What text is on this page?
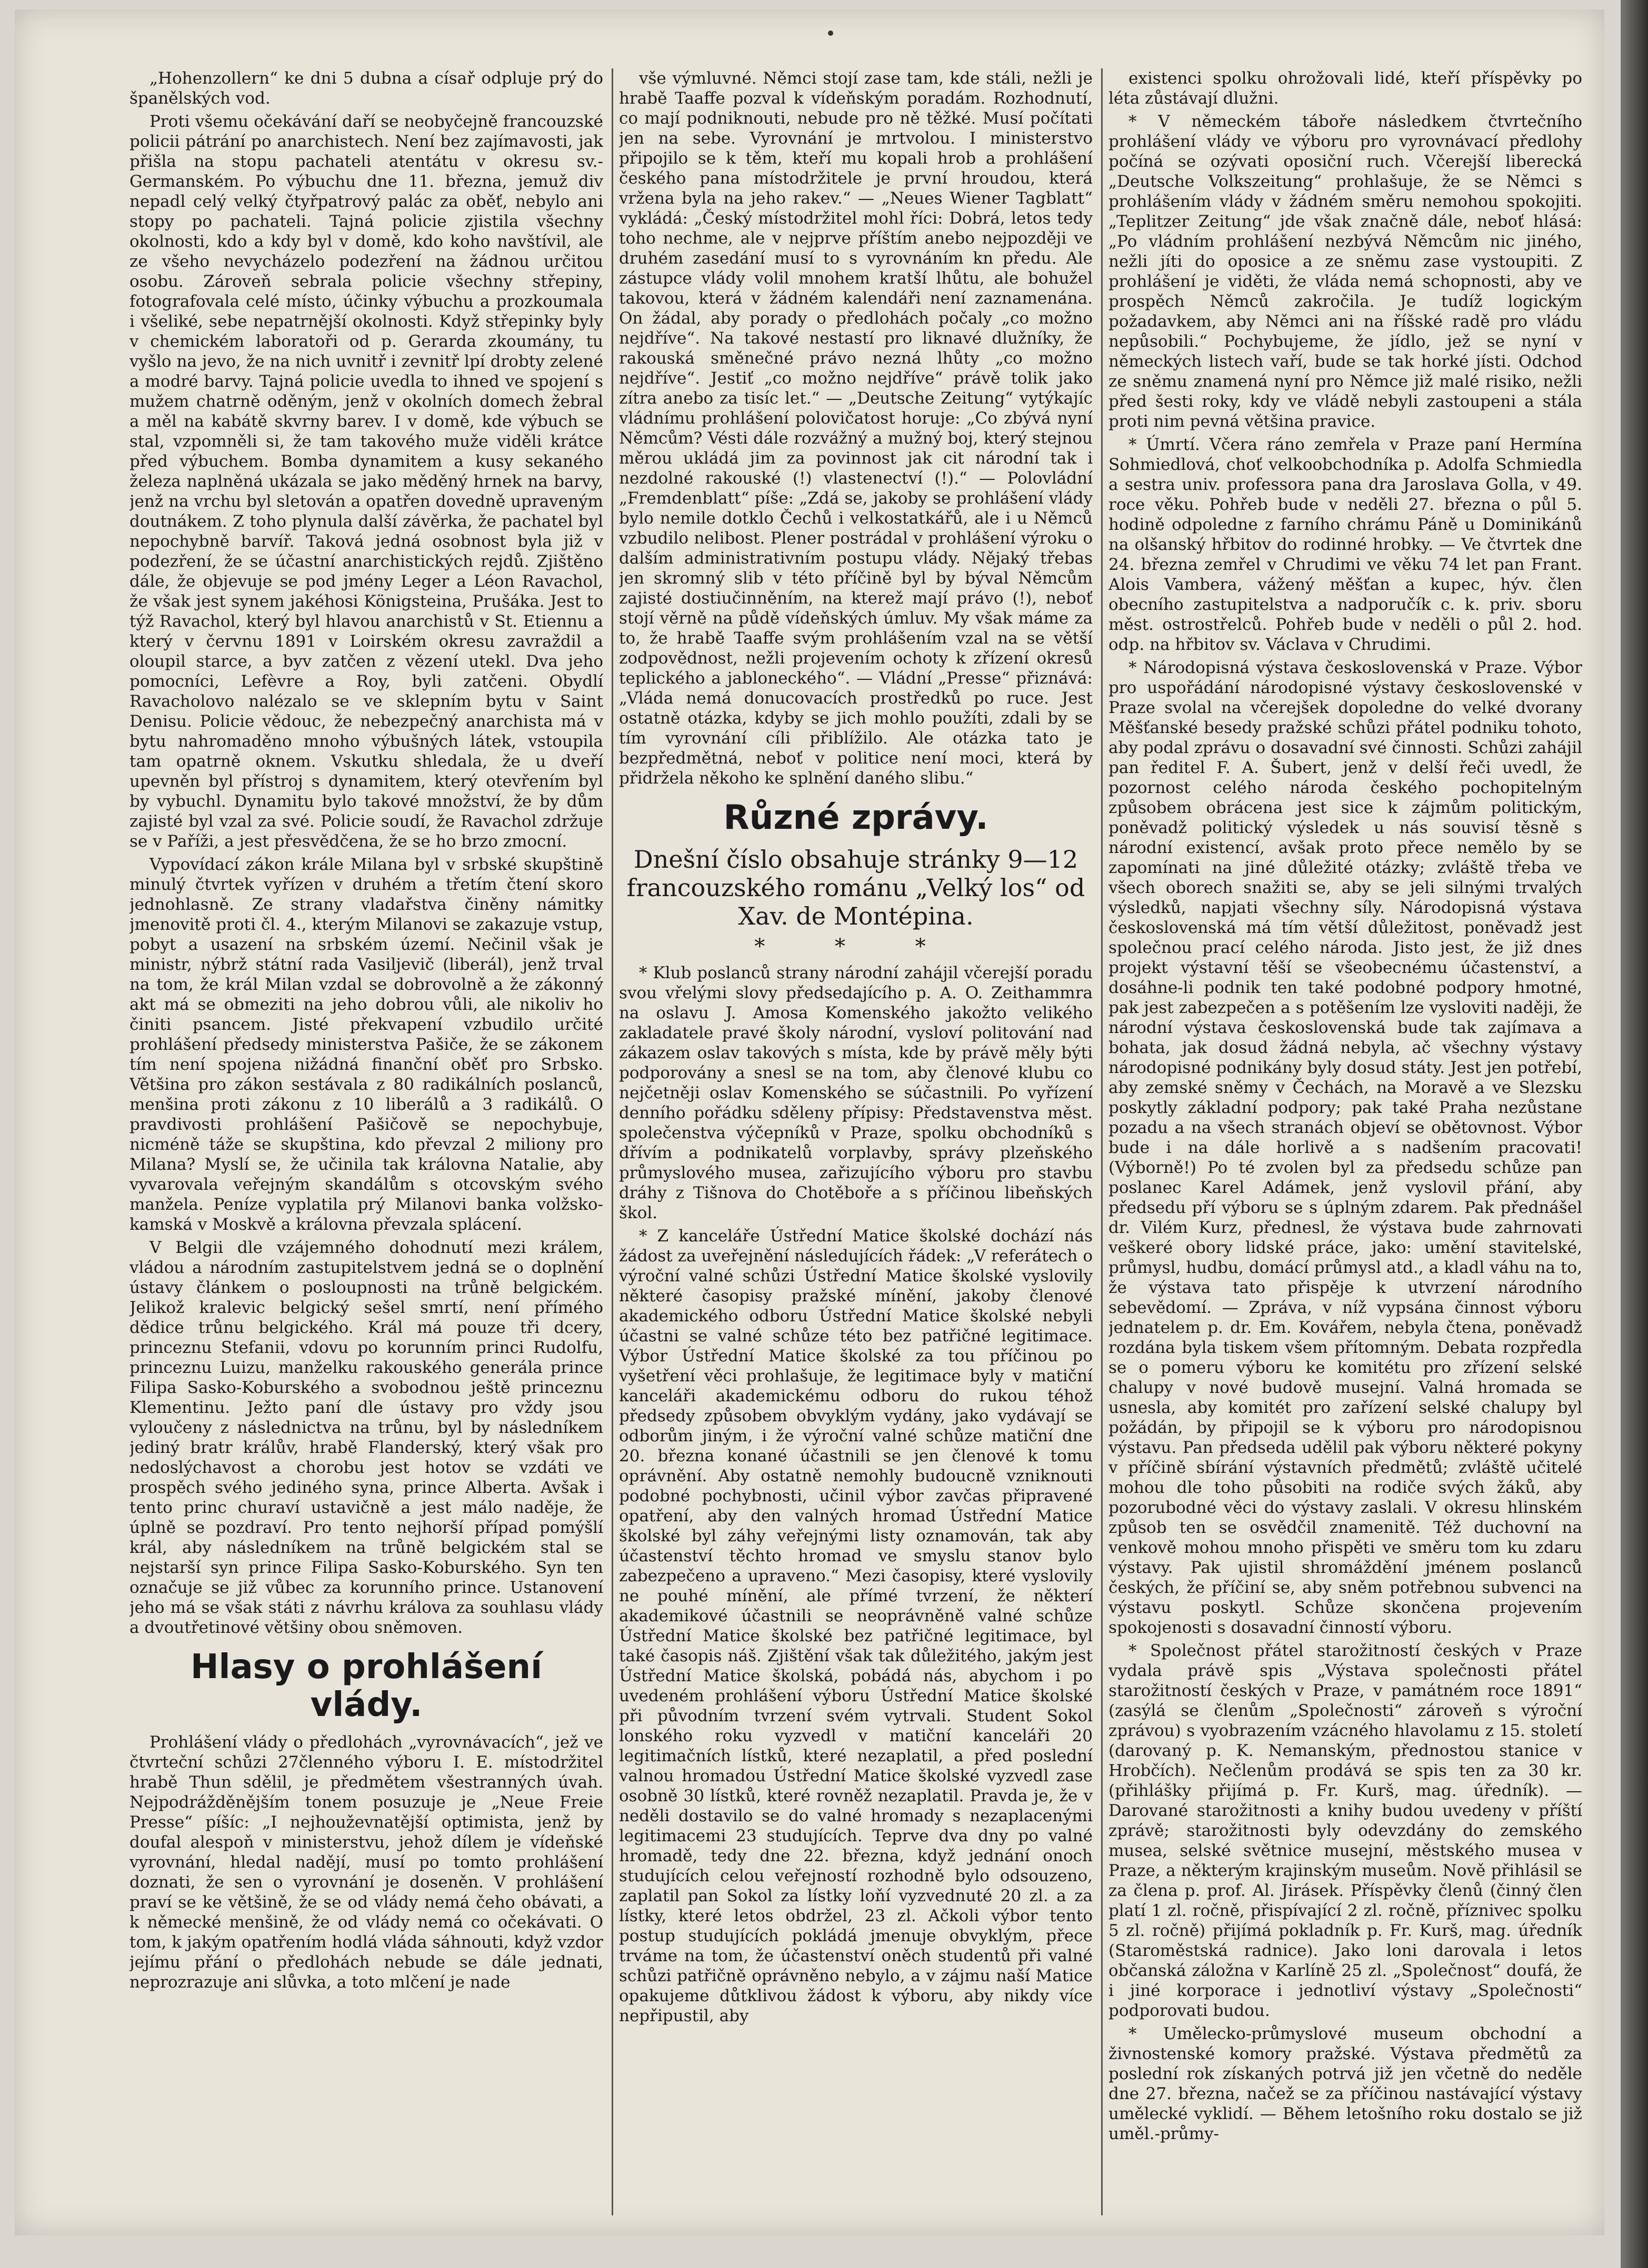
„Hohenzollern“ ke dni 5 dubna a císař odpluje prý do španělských vod.

Proti všemu očekávání daří se neobyčejně francouzské policii pátrání po anarchistech. Není bez zajímavosti, jak přišla na stopu pachateli atentátu v okresu sv.-Germanském. Po výbuchu dne 11. března, jemuž div nepadl celý velký čtyřpatrový palác za oběť, nebylo ani stopy po pachateli. Tajná policie zjistila všechny okolnosti, kdo a kdy byl v domě, kdo koho navštívil, ale ze všeho nevycházelo podezření na žádnou určitou osobu. Zároveň sebrala policie všechny střepiny, fotografovala celé místo, účinky výbuchu a prozkoumala i všeliké, sebe nepatrnější okolnosti. Když střepinky byly v chemickém laboratoři od p. Gerarda zkoumány, tu vyšlo na jevo, že na nich uvnitř i zevnitř lpí drobty zelené a modré barvy. Tajná policie uvedla to ihned ve spojení s mužem chatrně oděným, jenž v okolních domech žebral a měl na kabátě skvrny barev. I v domě, kde výbuch se stal, vzpomněli si, že tam takového muže viděli krátce před výbuchem. Bomba dynamitem a kusy sekaného železa naplněná ukázala se jako měděný hrnek na barvy, jenž na vrchu byl sletován a opatřen dovedně upraveným doutnákem. Z toho plynula další závěrka, že pachatel byl nepochybně barvíř. Taková jedná osobnost byla již v podezření, že se účastní anarchistických rejdů. Zjištěno dále, že objevuje se pod jmény Leger a Léon Ravachol, že však jest synem jakéhosi Königsteina, Prušáka. Jest to týž Ravachol, který byl hlavou anarchistů v St. Etiennu a který v červnu 1891 v Loirském okresu zavraždil a oloupil starce, a byv zatčen z vězení utekl. Dva jeho pomocníci, Lefèvre a Roy, byli zatčeni. Obydlí Ravacholovo nalézalo se ve sklepním bytu v Saint Denisu. Policie vědouc, že nebezpečný anarchista má v bytu nahromaděno mnoho výbušných látek, vstoupila tam opatrně oknem. Vskutku shledala, že u dveří upevněn byl přístroj s dynamitem, který otevřením byl by vybuchl. Dynamitu bylo takové množství, že by dům zajisté byl vzal za své. Policie soudí, že Ravachol zdržuje se v Paříži, a jest přesvědčena, že se ho brzo zmocní.

Vypovídací zákon krále Milana byl v srbské skupštině minulý čtvrtek vyřízen v druhém a třetím čtení skoro jednohlasně. Ze strany vladařstva činěny námitky jmenovitě proti čl. 4., kterým Milanovi se zakazuje vstup, pobyt a usazení na srbském území. Nečinil však je ministr, nýbrž státní rada Vasiljevič (liberál), jenž trval na tom, že král Milan vzdal se dobrovolně a že zákonný akt má se obmeziti na jeho dobrou vůli, ale nikoliv ho činiti psancem. Jisté překvapení vzbudilo určité prohlášení předsedy ministerstva Pašiče, že se zákonem tím není spojena nižádná finanční oběť pro Srbsko. Většina pro zákon sestávala z 80 radikálních poslanců, menšina proti zákonu z 10 liberálů a 3 radikálů. O pravdivosti prohlášení Pašičově se nepochybuje, nicméně táže se skupština, kdo převzal 2 miliony pro Milana? Myslí se, že učinila tak královna Natalie, aby vyvarovala veřejným skandálům s otcovským svého manžela. Peníze vyplatila prý Milanovi banka volžsko-kamská v Moskvě a královna převzala splácení.

V Belgii dle vzájemného dohodnutí mezi králem, vládou a národním zastupitelstvem jedná se o doplnění ústavy článkem o posloupnosti na trůně belgickém. Jelikož kralevic belgický sešel smrtí, není přímého dědice trůnu belgického. Král má pouze tři dcery, princeznu Stefanii, vdovu po korunním princi Rudolfu, princeznu Luizu, manželku rakouského generála prince Filipa Sasko-Koburského a svobodnou ještě princeznu Klementinu. Ježto paní dle ústavy pro vždy jsou vyloučeny z následnictva na trůnu, byl by následníkem jediný bratr králův, hrabě Flanderský, který však pro nedoslýchavost a chorobu jest hotov se vzdáti ve prospěch svého jediného syna, prince Alberta. Avšak i tento princ churaví ustavičně a jest málo naděje, že úplně se pozdraví. Pro tento nejhorší případ pomýšlí král, aby následníkem na trůně belgickém stal se nejstarší syn prince Filipa Sasko-Koburského. Syn ten označuje se již vůbec za korunního prince. Ustanovení jeho má se však státi z návrhu králova za souhlasu vlády a dvoutřetinové většiny obou sněmoven.

Hlasy o prohlášení vlády.

Prohlášení vlády o předlohách „vyrovnávacích“, jež ve čtvrteční schůzi 27členného výboru I. E. místodržitel hrabě Thun sdělil, je předmětem všestranných úvah. Nejpodrážděnějším tonem posuzuje je „Neue Freie Presse“ píšíc: „I nejhouževnatější optimista, jenž by doufal alespoň v ministerstvu, jehož dílem je vídeňské vyrovnání, hledal nadějí, musí po tomto prohlášení doznati, že sen o vyrovnání je doseněn. V prohlášení praví se ke většině, že se od vlády nemá čeho obávati, a k německé menšině, že od vlády nemá co očekávati. O tom, k jakým opatřením hodlá vláda sáhnouti, když vzdor jejímu přání o předlohách nebude se dále jednati, neprozrazuje ani slůvka, a toto mlčení je nade

vše výmluvné. Němci stojí zase tam, kde stáli, nežli je hrabě Taaffe pozval k vídeňským poradám. Rozhodnutí, co mají podniknouti, nebude pro ně těžké. Musí počítati jen na sebe. Vyrovnání je mrtvolou. I ministerstvo připojilo se k těm, kteří mu kopali hrob a prohlášení českého pana místodržitele je první hroudou, která vržena byla na jeho rakev.“ — „Neues Wiener Tagblatt“ vykládá: „Český místodržitel mohl říci: Dobrá, letos tedy toho nechme, ale v nejprve příštím anebo nejpozději ve druhém zasedání musí to s vyrovnáním kn předu. Ale zástupce vlády volil mnohem kratší lhůtu, ale bohužel takovou, která v žádném kalendáři není zaznamenána. On žádal, aby porady o předlohách počaly „co možno nejdříve“. Na takové nestastí pro liknavé dlužníky, že rakouská směnečné právo nezná lhůty „co možno nejdříve“. Jestiť „co možno nejdříve“ právě tolik jako zítra anebo za tisíc let.“ — „Deutsche Zeitung“ vytýkajíc vládnímu prohlášení polovičatost horuje: „Co zbývá nyní Němcům? Vésti dále rozvážný a mužný boj, který stejnou měrou ukládá jim za povinnost jak cit národní tak i nezdolné rakouské (!) vlastenectví (!).“ — Polovládní „Fremdenblatt“ píše: „Zdá se, jakoby se prohlášení vlády bylo nemile dotklo Čechů i velkostatkářů, ale i u Němců vzbudilo nelibost. Plener postrádal v prohlášení výroku o dalším administrativním postupu vlády. Nějaký třebas jen skromný slib v této příčině byl by býval Němcům zajisté dostiučinněním, na kterež mají právo (!), neboť stojí věrně na půdě vídeňských úmluv. My však máme za to, že hrabě Taaffe svým prohlášením vzal na se větší zodpovědnost, nežli projevením ochoty k zřízení okresů teplického a jabloneckého“. — Vládní „Presse“ přiznává: „Vláda nemá donucovacích prostředků po ruce. Jest ostatně otázka, kdyby se jich mohlo použíti, zdali by se tím vyrovnání cíli přiblížilo. Ale otázka tato je bezpředmětná, neboť v politice není moci, která by přidržela někoho ke splnění daného slibu.“

Různé zprávy.

Dnešní číslo obsahuje stránky 9—12 francouzského románu „Velký los“ od Xav. de Montépina.

* * *

* Klub poslanců strany národní zahájil včerejší poradu svou vřelými slovy předsedajícího p. A. O. Zeithammra na oslavu J. Amosa Komenského jakožto velikého zakladatele pravé školy národní, vysloví politování nad zákazem oslav takových s místa, kde by právě měly býti podporovány a snesl se na tom, aby členové klubu co nejčetněji oslav Komenského se súčastnili. Po vyřízení denního pořádku sděleny přípisy: Představenstva měst. společenstva výčepníků v Praze, spolku obchodníků s dřívím a podnikatelů vorplavby, správy plzeňského průmyslového musea, zařizujícího výboru pro stavbu dráhy z Tišnova do Chotěboře a s příčinou libeňských škol.

* Z kanceláře Ústřední Matice školské dochází nás žádost za uveřejnění následujících řádek: „V referátech o výroční valné schůzi Ústřední Matice školské vyslovily některé časopisy pražské mínění, jakoby členové akademického odboru Ústřední Matice školské nebyli účastni se valné schůze této bez patřičné legitimace. Výbor Ústřední Matice školské za tou příčinou po vyšetření věci prohlašuje, že legitimace byly v matiční kanceláři akademickému odboru do rukou téhož předsedy způsobem obvyklým vydány, jako vydávají se odborům jiným, i že výroční valné schůze matiční dne 20. března konané účastnili se jen členové k tomu oprávnění. Aby ostatně nemohly budoucně vzniknouti podobné pochybnosti, učinil výbor zavčas připravené opatření, aby den valných hromad Ústřední Matice školské byl záhy veřejnými listy oznamován, tak aby účastenství těchto hromad ve smyslu stanov bylo zabezpečeno a upraveno.“ Mezi časopisy, které vyslovily ne pouhé mínění, ale přímé tvrzení, že některí akademikové účastnili se neoprávněně valné schůze Ústřední Matice školské bez patřičné legitimace, byl také časopis náš. Zjištění však tak důležitého, jakým jest Ústřední Matice školská, pobádá nás, abychom i po uvedeném prohlášení výboru Ústřední Matice školské při původním tvrzení svém vytrvali. Student Sokol lonského roku vyzvedl v matiční kanceláři 20 legitimačních lístků, které nezaplatil, a před poslední valnou hromadou Ústřední Matice školské vyzvedl zase osobně 30 lístků, které rovněž nezaplatil. Pravda je, že v neděli dostavilo se do valné hromady s nezaplacenými legitimacemi 23 studujících. Teprve dva dny po valné hromadě, tedy dne 22. března, když jednání onoch studujících celou veřejností rozhodně bylo odsouzeno, zaplatil pan Sokol za lístky loňí vyzvednuté 20 zl. a za lístky, které letos obdržel, 23 zl. Ačkoli výbor tento postup studujících pokládá jmenuje obvyklým, přece trváme na tom, že účastenství oněch studentů při valné schůzi patřičně oprávněno nebylo, a v zájmu naší Matice opakujeme důtklivou žádost k výboru, aby nikdy více nepřipustil, aby

existenci spolku ohrožovali lidé, kteří příspěvky po léta zůstávají dlužni.

* V německém táboře následkem čtvrtečního prohlášení vlády ve výboru pro vyrovnávací předlohy počíná se ozývati oposiční ruch. Včerejší liberecká „Deutsche Volkszeitung“ prohlašuje, že se Němci s prohlášením vlády v žádném směru nemohou spokojiti. „Teplitzer Zeitung“ jde však značně dále, neboť hlásá: „Po vládním prohlášení nezbývá Němcům nic jiného, nežli jíti do oposice a ze sněmu zase vystoupiti. Z prohlášení je viděti, že vláda nemá schopnosti, aby ve prospěch Němců zakročila. Je tudíž logickým požadavkem, aby Němci ani na říšské radě pro vládu nepůsobili.“ Pochybujeme, že jídlo, jež se nyní v německých listech vaří, bude se tak horké jísti. Odchod ze sněmu znamená nyní pro Němce již malé risiko, nežli před šesti roky, kdy ve vládě nebyli zastoupeni a stála proti nim pevná většina pravice.

* Úmrtí. Včera ráno zemřela v Praze paní Hermína Sohmiedlová, choť velkoobchodníka p. Adolfa Schmiedla a sestra univ. professora pana dra Jaroslava Golla, v 49. roce věku. Pohřeb bude v neděli 27. března o půl 5. hodině odpoledne z farního chrámu Páně u Dominikánů na olšanský hřbitov do rodinné hrobky. — Ve čtvrtek dne 24. března zemřel v Chrudimi ve věku 74 let pan Frant. Alois Vambera, vážený měšťan a kupec, hýv. člen obecního zastupitelstva a nadporučík c. k. priv. sboru měst. ostrostřelců. Pohřeb bude v neděli o půl 2. hod. odp. na hřbitov sv. Václava v Chrudimi.

* Národopisná výstava československá v Praze. Výbor pro uspořádání národopisné výstavy československé v Praze svolal na včerejšek dopoledne do velké dvorany Měšťanské besedy pražské schůzi přátel podniku tohoto, aby podal zprávu o dosavadní své činnosti. Schůzi zahájil pan ředitel F. A. Šubert, jenž v delší řeči uvedl, že pozornost celého národa českého pochopitelným způsobem obrácena jest sice k zájmům politickým, poněvadž politický výsledek u nás souvisí těsně s národní existencí, avšak proto přece nemělo by se zapomínati na jiné důležité otázky; zvláště třeba ve všech oborech snažiti se, aby se jeli silnými trvalých výsledků, napjati všechny síly. Národopisná výstava československá má tím větší důležitost, poněvadž jest společnou prací celého národa. Jisto jest, že již dnes projekt výstavní těší se všeobecnému účastenství, a dosáhne-li podnik ten také podobné podpory hmotné, pak jest zabezpečen a s potěšením lze vysloviti naději, že národní výstava československá bude tak zajímava a bohata, jak dosud žádná nebyla, ač všechny výstavy národopisné podnikány byly dosud státy. Jest jen potřebí, aby zemské sněmy v Čechách, na Moravě a ve Slezsku poskytly základní podpory; pak také Praha nezůstane pozadu a na všech stranách objeví se obětovnost. Výbor bude i na dále horlivě a s nadšením pracovati! (Výborně!) Po té zvolen byl za předsedu schůze pan poslanec Karel Adámek, jenž vyslovil přání, aby předsedu pří výboru se s úplným zdarem. Pak přednášel dr. Vilém Kurz, přednesl, že výstava bude zahrnovati veškeré obory lidské práce, jako: umění stavitelské, průmysl, hudbu, domácí průmysl atd., a kladl váhu na to, že výstava tato přispěje k utvrzení národního sebevědomí. — Zpráva, v níž vypsána činnost výboru jednatelem p. dr. Em. Kovářem, nebyla čtena, poněvadž rozdána byla tiskem všem přítomným. Debata rozpředla se o pomeru výboru ke komitétu pro zřízení selské chalupy v nové budově musejní. Valná hromada se usnesla, aby komitét pro zařízení selské chalupy byl požádán, by připojil se k výboru pro národopisnou výstavu. Pan předseda udělil pak výboru některé pokyny v příčině sbírání výstavních předmětů; zvláště učitelé mohou dle toho působiti na rodiče svých žáků, aby pozorubodné věci do výstavy zaslali. V okresu hlinském způsob ten se osvědčil znamenitě. Též duchovní na venkově mohou mnoho přispěti ve směru tom ku zdaru výstavy. Pak ujistil shromáždění jménem poslanců českých, že příčiní se, aby sněm potřebnou subvenci na výstavu poskytl. Schůze skončena projevením spokojenosti s dosavadní činností výboru.

* Společnost přátel starožitností českých v Praze vydala právě spis „Výstava společnosti přátel starožitností českých v Praze, v památném roce 1891“ (zasýlá se členům „Společnosti“ zároveň s výroční zprávou) s vyobrazením vzácného hlavolamu z 15. století (darovaný p. K. Nemanským, přednostou stanice v Hrobčích). Nečlenům prodává se spis ten za 30 kr. (přihlášky přijímá p. Fr. Kurš, mag. úředník). — Darované starožitnosti a knihy budou uvedeny v příští zprávě; starožitnosti byly odevzdány do zemského musea, selské světnice musejní, městského musea v Praze, a některým krajinským museům. Nově přihlásil se za člena p. prof. Al. Jirásek. Příspěvky členů (činný člen platí 1 zl. ročně, přispívající 2 zl. ročně, příznivec spolku 5 zl. ročně) přijímá pokladník p. Fr. Kurš, mag. úředník (Staroměstská radnice). Jako loni darovala i letos občanská záložna v Karlíně 25 zl. „Společnost“ doufá, že i jiné korporace i jednotliví výstavy „Společnosti“ podporovati budou.

* Umělecko-průmyslové museum obchodní a živnostenské komory pražské. Výstava předmětů za poslední rok získaných potrvá již jen včetně do neděle dne 27. března, načež se za příčinou nastávající výstavy umělecké vyklidí. — Během letošního roku dostalo se již uměl.-průmy-
